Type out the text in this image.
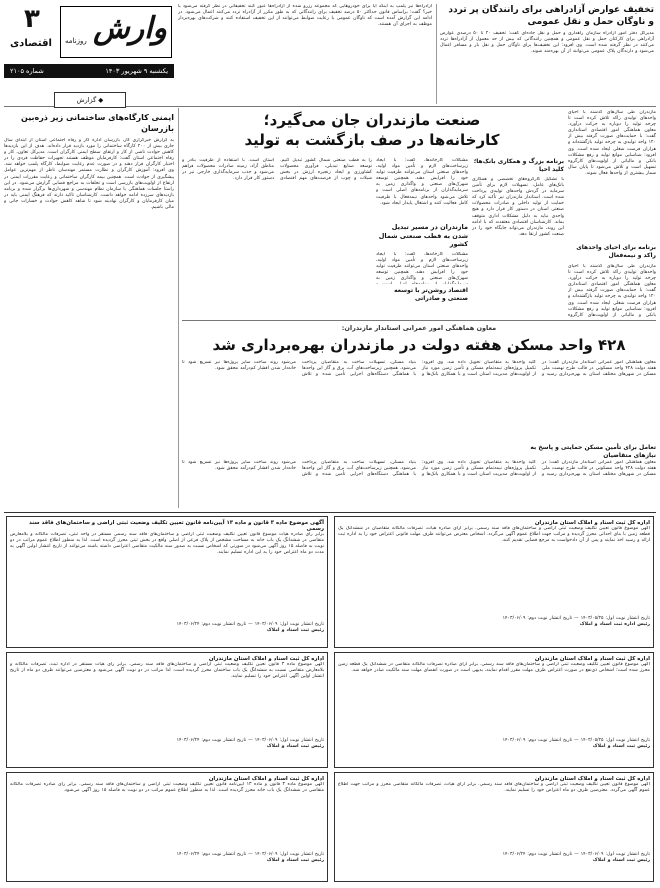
تخفیف عوارض آزادراهی برای رانندگان پر تردد و ناوگان حمل و نقل عمومی
مدیرکل دفتر امور آزادراه سازمان راهداری و حمل و نقل جاده‌ای گفت: تخفیف ۲۰ تا ۵۰ درصدی عوارض آزادراهی برای کارکنان حمل و نقل عمومی و همچنین رانندگانی که بیش از حد معمول از آزادراه‌ها تردد می‌کنند در نظر گرفته شده است. وی افزود: این تخفیف‌ها برای ناوگان حمل و نقل بار و مسافر اعمال می‌شود و دارندگان پلاک عمومی می‌توانند از آن بهره‌مند شوند.
آزادراه‌ها نیز پلمپ به اینکه آیا برای خودروهایی که مجموعه رزرو شده از آزادراه‌ها عبور کنند تخفیفاتی در نظر گرفته می‌شود یا خیر؟ گفت: براساس قانون حداکثر ۵۰ درصد تخفیف برای رانندگانی که به طور مکرر از آزادراه تردد می‌کنند اعمال می‌شود. در ادامه این گزارش آمده است که ناوگان عمومی با رعایت ضوابط می‌توانند از این تخفیف استفاده کنند و شرکت‌های بهره‌بردار موظف به اجرای آن هستند.
۳
اقتصادی وارش
روزنامه
یکشنبه ۹ شهریور ۱۴۰۳
شماره ۲۱۰۵
◆ گزارش
ایمنی کارگاه‌های ساختمانی زیر ذره‌بین بازرسان
به گزارش خبرگزاری کار، بازرسان اداره کار و رفاه اجتماعی استان از ابتدای سال جاری بیش از ۲۰۰ کارگاه ساختمانی را مورد بازدید قرار داده‌اند. هدف از این بازدیدها کاهش حوادث ناشی از کار و ارتقای سطح ایمنی کارگران است. مدیرکل تعاون، کار و رفاه اجتماعی استان گفت: کارفرمایان موظف هستند تجهیزات حفاظت فردی را در اختیار کارگران قرار دهند و در صورت عدم رعایت ضوابط، کارگاه پلمپ خواهد شد. وی افزود: آموزش کارگران و نظارت مستمر مهندسان ناظر از مهم‌ترین عوامل پیشگیری از حوادث است. همچنین بیمه کارگران ساختمانی و رعایت مقررات ایمنی در ارتفاع از اولویت‌های بازرسی است و تخلفات به مراجع قضایی گزارش می‌شود. در این راستا جلسات هماهنگی با سازمان نظام مهندسی و شهرداری‌ها برگزار شده و برنامه بازدیدهای سرزده ادامه خواهد داشت. کارشناسان تاکید دارند که فرهنگ ایمنی باید در میان کارفرمایان و کارگران نهادینه شود تا شاهد کاهش حوادث و خسارات جانی و مالی باشیم.
صنعت مازندران جان می‌گیرد؛
کارخانه‌ها در صف بازگشت به تولید
مازندران طی سال‌های گذشته با احیای واحدهای تولیدی راکد تلاش کرده است تا چرخه تولید را دوباره به حرکت درآورد. معاون هماهنگی امور اقتصادی استانداری گفت: با حمایت‌های صورت گرفته بیش از ۱۲۰ واحد تولیدی به چرخه تولید بازگشته‌اند و هزاران فرصت شغلی ایجاد شده است. وی افزود: شناسایی موانع تولید و رفع مشکلات بانکی و مالیاتی از اولویت‌های کارگروه تسهیل است و تلاش می‌شود تا پایان سال شمار بیشتری از واحدها فعال شوند.
برنامه برای احیای واحدهای راکد و نیمه‌فعال
مازندران طی سال‌های گذشته با احیای واحدهای تولیدی راکد تلاش کرده است تا چرخه تولید را دوباره به حرکت درآورد. معاون هماهنگی امور اقتصادی استانداری گفت: با حمایت‌های صورت گرفته بیش از ۱۲۰ واحد تولیدی به چرخه تولید بازگشته‌اند و هزاران فرصت شغلی ایجاد شده است. وی افزود: شناسایی موانع تولید و رفع مشکلات بانکی و مالیاتی از اولویت‌های کارگروه
برنامه بزرگ و همکاری بانک‌ها؛ کلید احیا
با تشکیل کارگروه‌های تخصصی و همکاری بانک‌های عامل، تسهیلات لازم برای تأمین سرمایه در گردش واحدهای تولیدی پرداخت شده است. استاندار مازندران نیز تأکید کرد که حمایت از تولید داخلی و صادرات محصولات صنعتی استان در دستور کار قرار دارد و هیچ واحدی نباید به دلیل مشکلات اداری متوقف بماند. کارشناسان اقتصادی معتقدند که با ادامه این روند، مازندران می‌تواند جایگاه خود را در صنعت کشور ارتقا دهد.
مشکلات کارخانه‌ها، گفت: با ایجاد زیرساخت‌های لازم و تأمین مواد اولیه، واحدهای صنعتی استان می‌توانند ظرفیت تولید خود را افزایش دهند. همچنین توسعه شهرک‌های صنعتی و واگذاری زمین به سرمایه‌گذاران از برنامه‌های اصلی است و تلاش می‌شود واحدهای نیمه‌فعال با ظرفیت کامل فعالیت کنند و اشتغال پایدار ایجاد شود.
مازندران در مسیر تبدیل شدن به قطب صنعتی شمال کشور
مشکلات کارخانه‌ها، گفت: با ایجاد زیرساخت‌های لازم و تأمین مواد اولیه، واحدهای صنعتی استان می‌توانند ظرفیت تولید خود را افزایش دهند. همچنین توسعه شهرک‌های صنعتی و واگذاری زمین به
اقتصاد روشن‌تر با توسعه صنعتی و صادراتی
را به قطب صنعتی شمال کشور تبدیل کنیم. توسعه صنایع تبدیلی، فرآوری محصولات کشاورزی و ایجاد زنجیره ارزش در بخش شیلات و چوب از فرصت‌های مهم اقتصادی استان است. با استفاده از ظرفیت بنادر و مناطق آزاد، زمینه صادرات محصولات فراهم می‌شود و جذب سرمایه‌گذاری خارجی نیز در دستور کار قرار دارد.
معاون هماهنگی امور عمرانی استاندار مازندران:
۴۲۸ واحد مسکن هفته دولت در مازندران بهره‌برداری شد
معاون هماهنگی امور عمرانی استاندار مازندران گفت: در هفته دولت ۴۲۸ واحد مسکونی در قالب طرح نهضت ملی مسکن در شهرهای مختلف استان به بهره‌برداری رسید و کلید واحدها به متقاضیان تحویل داده شد. وی افزود: تکمیل پروژه‌های نیمه‌تمام مسکن و تأمین زمین مورد نیاز از اولویت‌های مدیریت استان است و با همکاری بانک‌ها و بنیاد مسکن، تسهیلات ساخت به متقاضیان پرداخت می‌شود. همچنین زیرساخت‌های آب، برق و گاز این واحدها با هماهنگی دستگاه‌های اجرایی تأمین شده و تلاش می‌شود روند ساخت سایر پروژه‌ها نیز تسریع شود تا خانه‌دار شدن اقشار کم‌درآمد محقق شود.
تعامل برای تأمین مسکن حمایتی و پاسخ به نیازهای متقاضیان
معاون هماهنگی امور عمرانی استاندار مازندران گفت: در هفته دولت ۴۲۸ واحد مسکونی در قالب طرح نهضت ملی مسکن در شهرهای مختلف استان به بهره‌برداری رسید و کلید واحدها به متقاضیان تحویل داده شد. وی افزود: تکمیل پروژه‌های نیمه‌تمام مسکن و تأمین زمین مورد نیاز از اولویت‌های مدیریت استان است و با همکاری بانک‌ها و بنیاد مسکن، تسهیلات ساخت به متقاضیان پرداخت می‌شود. همچنین زیرساخت‌های آب، برق و گاز این واحدها با هماهنگی دستگاه‌های اجرایی تأمین شده و تلاش می‌شود روند ساخت سایر پروژه‌ها نیز تسریع شود تا خانه‌دار شدن اقشار کم‌درآمد محقق شود.
آگهی موضوع ماده ۳ قانون و ماده ۱۳ آیین‌نامه قانون تعیین تکلیف وضعیت ثبتی اراضی و ساختمان‌های فاقد سند رسمی
برابر رأی صادره هیأت موضوع قانون تعیین تکلیف وضعیت ثبتی اراضی و ساختمان‌های فاقد سند رسمی مستقر در واحد ثبتی، تصرفات مالکانه و بلامعارض متقاضی در ششدانگ یک باب خانه به مساحت مشخص از پلاک فرعی از اصلی واقع در بخش ثبتی محرز گردیده است. لذا به منظور اطلاع عموم مراتب در دو نوبت به فاصله ۱۵ روز آگهی می‌شود در صورتی که اشخاص نسبت به صدور سند مالکیت متقاضی اعتراضی داشته باشند می‌توانند از تاریخ انتشار اولین آگهی به مدت دو ماه اعتراض خود را به این اداره تسلیم نمایند.
تاریخ انتشار نوبت اول: ۱۴۰۳/۰۶/۰۹ — تاریخ انتشار نوبت دوم: ۱۴۰۳/۰۶/۲۴
رئیس ثبت اسناد و املاک
اداره کل ثبت اسناد و املاک استان مازندران
آگهی موضوع قانون تعیین تکلیف وضعیت ثبتی اراضی و ساختمان‌های فاقد سند رسمی. برابر آرای صادره هیأت، تصرفات مالکانه متقاضیان در ششدانگ یک قطعه زمین با بنای احداثی محرز گردیده و مراتب جهت اطلاع عموم آگهی می‌گردد. اشخاص معترض می‌توانند ظرف مهلت قانونی اعتراض خود را به اداره ثبت ارائه و رسید اخذ نمایند و پس از آن دادخواست به مرجع قضایی تقدیم کنند.
تاریخ انتشار نوبت اول: ۱۴۰۳/۰۵/۲۵ — تاریخ انتشار نوبت دوم: ۱۴۰۳/۰۶/۰۹
رئیس اداره ثبت اسناد و املاک
اداره کل ثبت اسناد و املاک استان مازندران
آگهی موضوع ماده ۳ قانون تعیین تکلیف وضعیت ثبتی اراضی و ساختمان‌های فاقد سند رسمی. برابر رأی هیأت مستقر در اداره ثبت، تصرفات مالکانه و بلامعارض متقاضی نسبت به ششدانگ یک باب ساختمان محرز گردیده است. لذا مراتب در دو نوبت آگهی می‌شود و معترضین می‌توانند ظرف دو ماه از تاریخ انتشار اولین آگهی اعتراض خود را تسلیم نمایند.
تاریخ انتشار نوبت اول: ۱۴۰۳/۰۶/۰۹ — تاریخ انتشار نوبت دوم: ۱۴۰۳/۰۶/۲۴
رئیس ثبت اسناد و املاک
اداره کل ثبت اسناد و املاک استان مازندران
آگهی موضوع قانون تعیین تکلیف وضعیت ثبتی اراضی و ساختمان‌های فاقد سند رسمی. برابر آرای صادره تصرفات مالکانه متقاضی در ششدانگ یک قطعه زمین محرز شده است؛ اشخاص ذی‌نفع در صورت اعتراض ظرف مهلت مقرر اقدام نمایند، بدیهی است در صورت انقضای مهلت سند مالکیت صادر خواهد شد.
تاریخ انتشار نوبت اول: ۱۴۰۳/۰۵/۲۵ — تاریخ انتشار نوبت دوم: ۱۴۰۳/۰۶/۰۹
رئیس ثبت اسناد و املاک
اداره کل ثبت اسناد و املاک استان مازندران
آگهی موضوع ماده ۳ قانون و ماده ۱۳ آیین‌نامه قانون تعیین تکلیف وضعیت ثبتی اراضی و ساختمان‌های فاقد سند رسمی. برابر رأی صادره تصرفات مالکانه متقاضی در ششدانگ یک باب خانه محرز گردیده است. لذا به منظور اطلاع عموم مراتب در دو نوبت به فاصله ۱۵ روز آگهی می‌شود.
تاریخ انتشار نوبت اول: ۱۴۰۳/۰۶/۰۹ — تاریخ انتشار نوبت دوم: ۱۴۰۳/۰۶/۲۴
رئیس ثبت اسناد و املاک
اداره کل ثبت اسناد و املاک استان مازندران
آگهی موضوع قانون تعیین تکلیف وضعیت ثبتی اراضی و ساختمان‌های فاقد سند رسمی. برابر آرای هیأت، تصرفات مالکانه متقاضی محرز و مراتب جهت اطلاع عموم آگهی می‌گردد. معترضین ظرف دو ماه اعتراض خود را تسلیم نمایند.
تاریخ انتشار نوبت اول: ۱۴۰۳/۰۶/۰۹ — تاریخ انتشار نوبت دوم: ۱۴۰۳/۰۶/۲۴
رئیس ثبت اسناد و املاک
